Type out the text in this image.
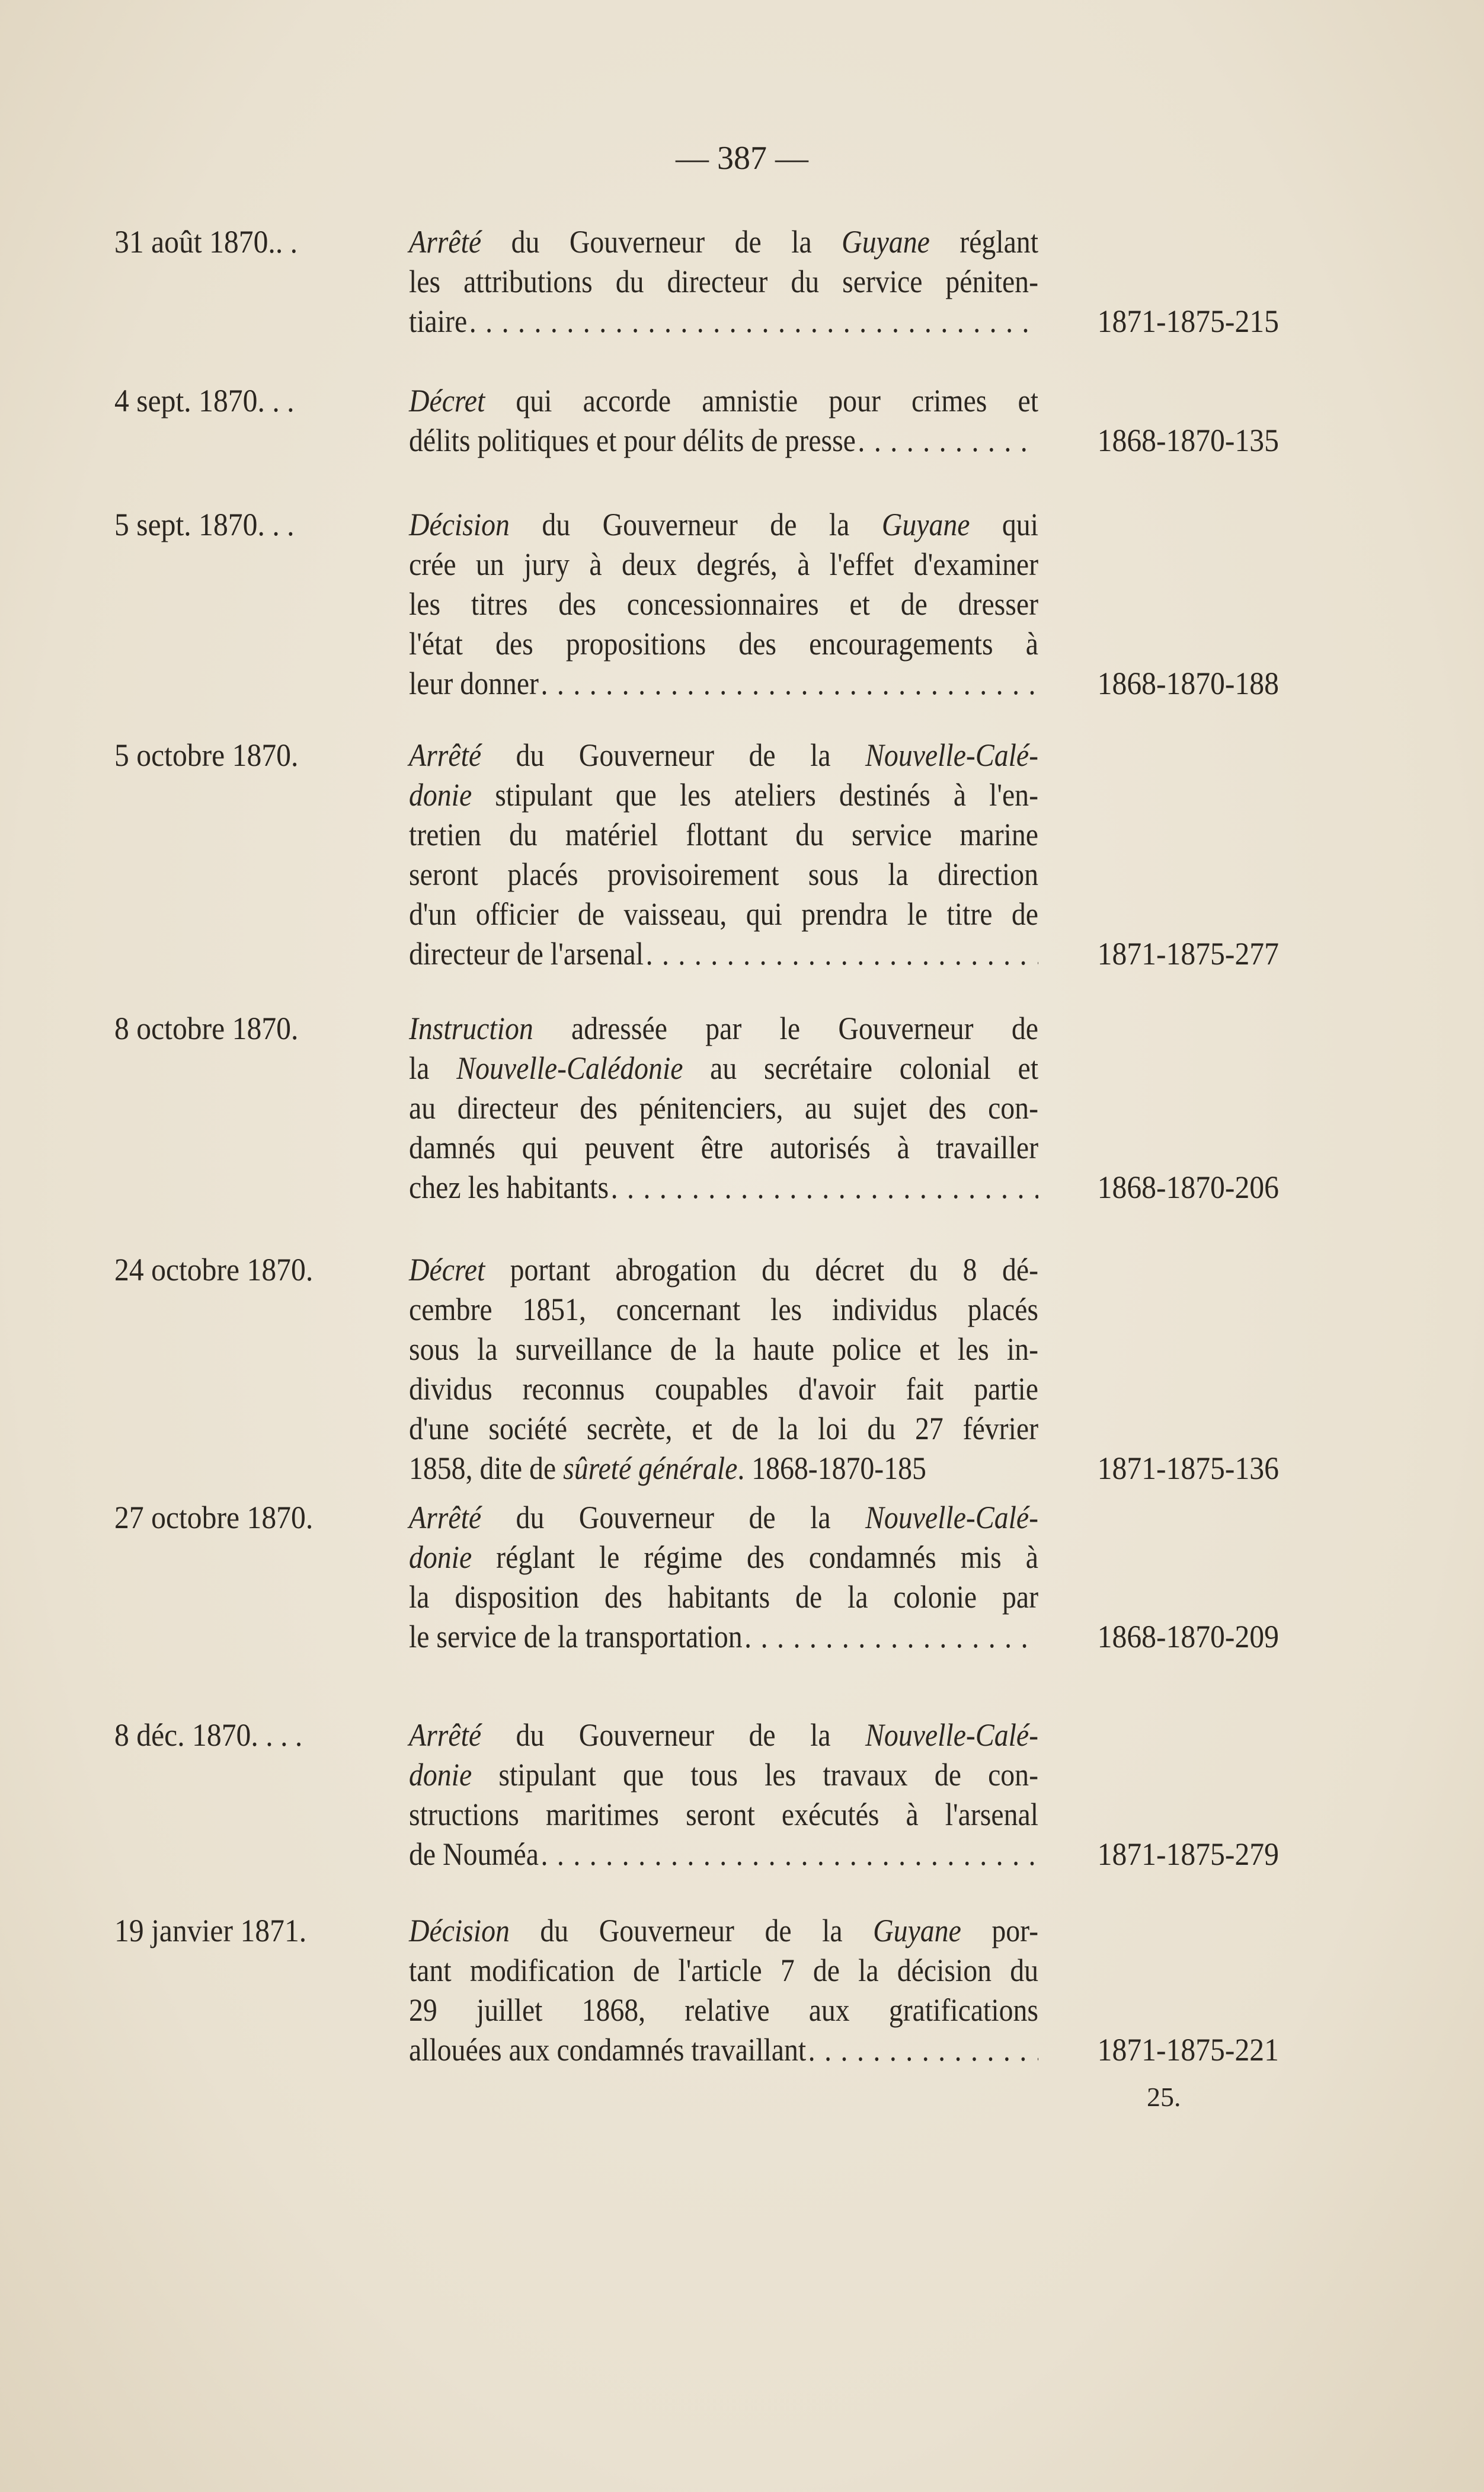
— 387 —
31 août 1870.. .	Arrêté du Gouverneur de la Guyane réglant
les attributions du directeur du service péniten-
tiaire . . .	1871-1875-215
4 sept. 1870. . .	Décret qui accorde amnistie pour crimes et
délits politiques et pour délits de presse . . .	1868-1870-135
5 sept. 1870. . .	Décision du Gouverneur de la Guyane qui
crée un jury à deux degrés, à l'effet d'examiner
les titres des concessionnaires et de dresser
l'état des propositions des encouragements à
leur donner . . .	1868-1870-188
5 octobre 1870.	Arrêté du Gouverneur de la Nouvelle-Calé-
donie stipulant que les ateliers destinés à l'en-
tretien du matériel flottant du service marine
seront placés provisoirement sous la direction
d'un officier de vaisseau, qui prendra le titre de
directeur de l'arsenal . . .	1871-1875-277
8 octobre 1870.	Instruction adressée par le Gouverneur de
la Nouvelle-Calédonie au secrétaire colonial et
au directeur des pénitenciers, au sujet des con-
damnés qui peuvent être autorisés à travailler
chez les habitants . . .	1868-1870-206
24 octobre 1870.	Décret portant abrogation du décret du 8 dé-
cembre 1851, concernant les individus placés
sous la surveillance de la haute police et les in-
dividus reconnus coupables d'avoir fait partie
d'une société secrète, et de la loi du 27 février
1858, dite de sûreté générale. 1868-1870-185	1871-1875-136
27 octobre 1870.	Arrêté du Gouverneur de la Nouvelle-Calé-
donie réglant le régime des condamnés mis à
la disposition des habitants de la colonie par
le service de la transportation . . .	1868-1870-209
8 déc. 1870. . . .	Arrêté du Gouverneur de la Nouvelle-Calé-
donie stipulant que tous les travaux de con-
structions maritimes seront exécutés à l'arsenal
de Nouméa . . .	1871-1875-279
19 janvier 1871.	Décision du Gouverneur de la Guyane por-
tant modification de l'article 7 de la décision du
29 juillet 1868, relative aux gratifications
allouées aux condamnés travaillant . . .	1871-1875-221
25.
